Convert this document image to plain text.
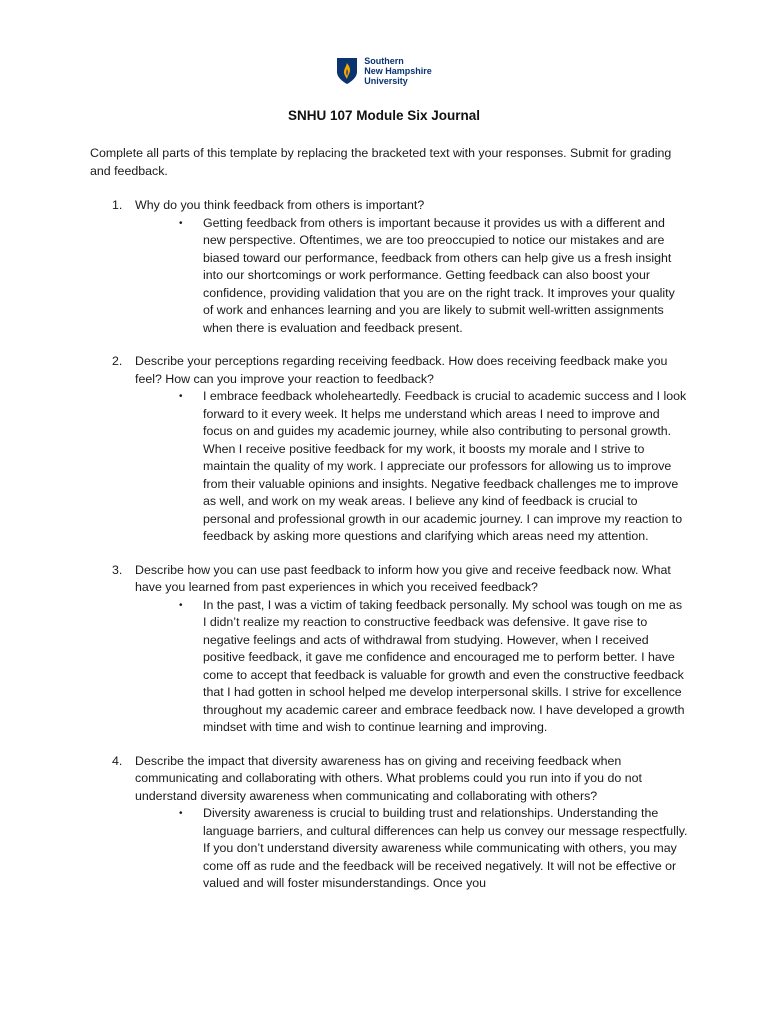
Southern
New Hampshire
University
SNHU 107 Module Six Journal
Complete all parts of this template by replacing the bracketed text with your responses. Submit for grading and feedback.
1. Why do you think feedback from others is important?
• Getting feedback from others is important because it provides us with a different and new perspective. Oftentimes, we are too preoccupied to notice our mistakes and are biased toward our performance, feedback from others can help give us a fresh insight into our shortcomings or work performance. Getting feedback can also boost your confidence, providing validation that you are on the right track. It improves your quality of work and enhances learning and you are likely to submit well-written assignments when there is evaluation and feedback present.
2. Describe your perceptions regarding receiving feedback. How does receiving feedback make you feel? How can you improve your reaction to feedback?
• I embrace feedback wholeheartedly. Feedback is crucial to academic success and I look forward to it every week. It helps me understand which areas I need to improve and focus on and guides my academic journey, while also contributing to personal growth. When I receive positive feedback for my work, it boosts my morale and I strive to maintain the quality of my work. I appreciate our professors for allowing us to improve from their valuable opinions and insights. Negative feedback challenges me to improve as well, and work on my weak areas. I believe any kind of feedback is crucial to personal and professional growth in our academic journey. I can improve my reaction to feedback by asking more questions and clarifying which areas need my attention.
3. Describe how you can use past feedback to inform how you give and receive feedback now. What have you learned from past experiences in which you received feedback?
• In the past, I was a victim of taking feedback personally. My school was tough on me as I didn’t realize my reaction to constructive feedback was defensive. It gave rise to negative feelings and acts of withdrawal from studying. However, when I received positive feedback, it gave me confidence and encouraged me to perform better. I have come to accept that feedback is valuable for growth and even the constructive feedback that I had gotten in school helped me develop interpersonal skills. I strive for excellence throughout my academic career and embrace feedback now. I have developed a growth mindset with time and wish to continue learning and improving.
4. Describe the impact that diversity awareness has on giving and receiving feedback when communicating and collaborating with others. What problems could you run into if you do not understand diversity awareness when communicating and collaborating with others?
• Diversity awareness is crucial to building trust and relationships. Understanding the language barriers, and cultural differences can help us convey our message respectfully. If you don’t understand diversity awareness while communicating with others, you may come off as rude and the feedback will be received negatively. It will not be effective or valued and will foster misunderstandings. Once you
